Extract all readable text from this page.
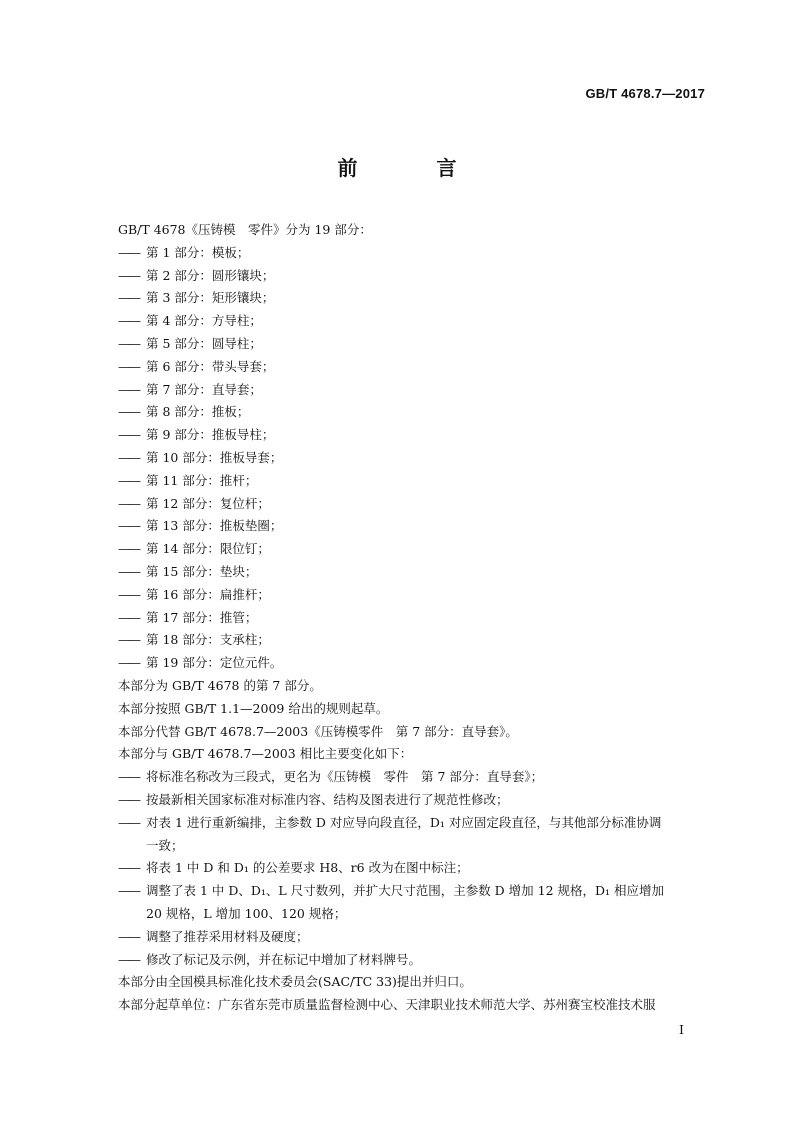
GB/T 4678.7—2017
前 言
GB/T 4678《压铸模　零件》分为 19 部分：
—— 第 1 部分：模板；
—— 第 2 部分：圆形镶块；
—— 第 3 部分：矩形镶块；
—— 第 4 部分：方导柱；
—— 第 5 部分：圆导柱；
—— 第 6 部分：带头导套；
—— 第 7 部分：直导套；
—— 第 8 部分：推板；
—— 第 9 部分：推板导柱；
—— 第 10 部分：推板导套；
—— 第 11 部分：推杆；
—— 第 12 部分：复位杆；
—— 第 13 部分：推板垫圈；
—— 第 14 部分：限位钉；
—— 第 15 部分：垫块；
—— 第 16 部分：扁推杆；
—— 第 17 部分：推管；
—— 第 18 部分：支承柱；
—— 第 19 部分：定位元件。
本部分为 GB/T 4678 的第 7 部分。
本部分按照 GB/T 1.1—2009 给出的规则起草。
本部分代替 GB/T 4678.7—2003《压铸模零件　第 7 部分：直导套》。
本部分与 GB/T 4678.7—2003 相比主要变化如下：
—— 将标准名称改为三段式，更名为《压铸模　零件　第 7 部分：直导套》；
—— 按最新相关国家标准对标准内容、结构及图表进行了规范性修改；
—— 对表 1 进行重新编排，主参数 D 对应导向段直径，D₁ 对应固定段直径，与其他部分标准协调
一致；
—— 将表 1 中 D 和 D₁ 的公差要求 H8、r6 改为在图中标注；
—— 调整了表 1 中 D、D₁、L 尺寸数列，并扩大尺寸范围，主参数 D 增加 12 规格，D₁ 相应增加
20 规格，L 增加 100、120 规格；
—— 调整了推荐采用材料及硬度；
—— 修改了标记及示例，并在标记中增加了材料牌号。
本部分由全国模具标准化技术委员会(SAC/TC 33)提出并归口。
本部分起草单位：广东省东莞市质量监督检测中心、天津职业技术师范大学、苏州赛宝校准技术服
I
